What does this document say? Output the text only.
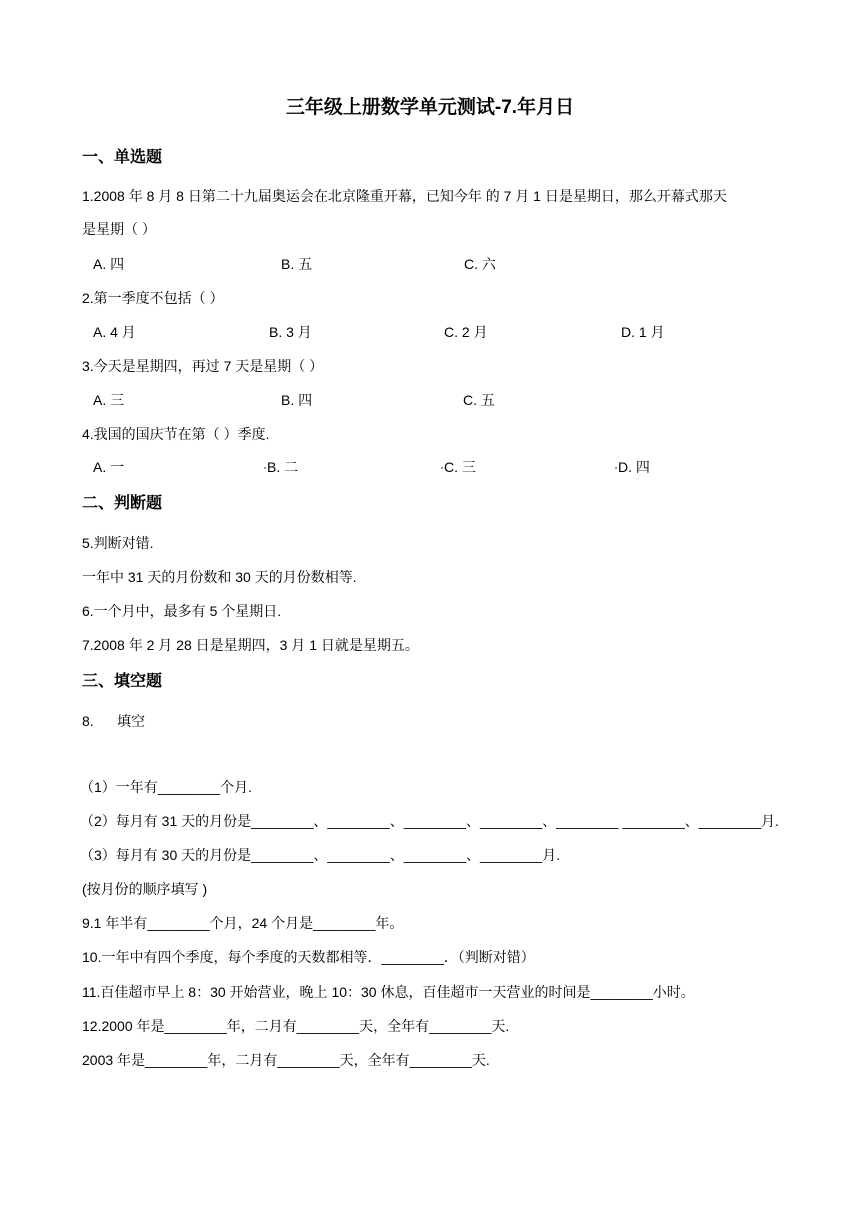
三年级上册数学单元测试-7.年月日
一、单选题
1.2008 年 8 月 8 日第二十九届奥运会在北京隆重开幕，已知今年 的 7 月 1 日是星期日，那么开幕式那天
是星期（ ）
A. 四	B. 五	C. 六
2.第一季度不包括（ ）
A. 4 月	B. 3 月	C. 2 月	D. 1 月
3.今天是星期四，再过 7 天是星期（ ）
A. 三	B. 四	C. 五
4.我国的国庆节在第（ ）季度.
A. 一	B. 二	C. 三	D. 四
二、判断题
5.判断对错.
一年中 31 天的月份数和 30 天的月份数相等.
6.一个月中，最多有 5 个星期日.
7.2008 年 2 月 28 日是星期四，3 月 1 日就是星期五。
三、填空题
8.      填空
（1）一年有________个月.
（2）每月有 31 天的月份是________、________、________、________、________ ________、________月.
（3）每月有 30 天的月份是________、________、________、________月.
(按月份的顺序填写 )
9.1 年半有________个月，24 个月是________年。
10.一年中有四个季度，每个季度的天数都相等．________．（判断对错）
11.百佳超市早上 8：30 开始营业，晚上 10：30 休息，百佳超市一天营业的时间是________小时。
12.2000 年是________年，二月有________天，全年有________天.
2003 年是________年，二月有________天，全年有________天.
